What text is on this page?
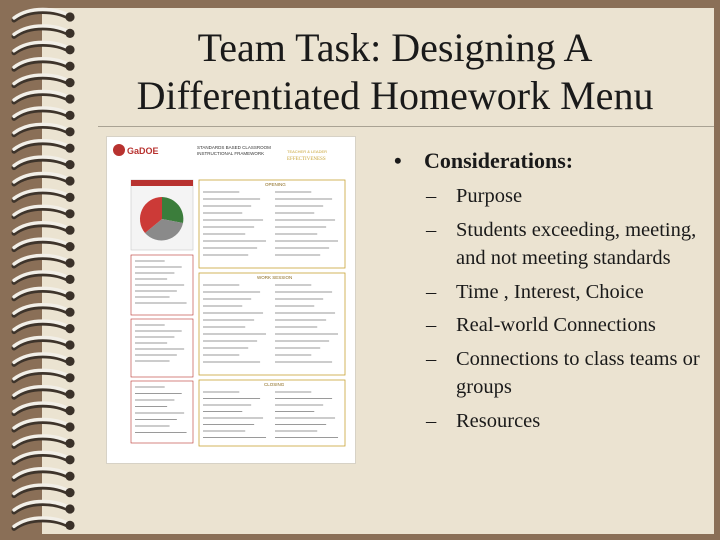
Team Task: Designing A
Differentiated Homework Menu
GaDOE	STANDARDS BASED CLASSROOM
INSTRUCTIONAL FRAMEWORK	TEACHER & LEADER
EFFECTIVENESS
OPENING
WORK SESSION
CLOSING
• Considerations:
– Purpose
– Students exceeding, meeting, and not meeting standards
– Time , Interest, Choice
– Real-world Connections
– Connections to class teams or groups
– Resources
